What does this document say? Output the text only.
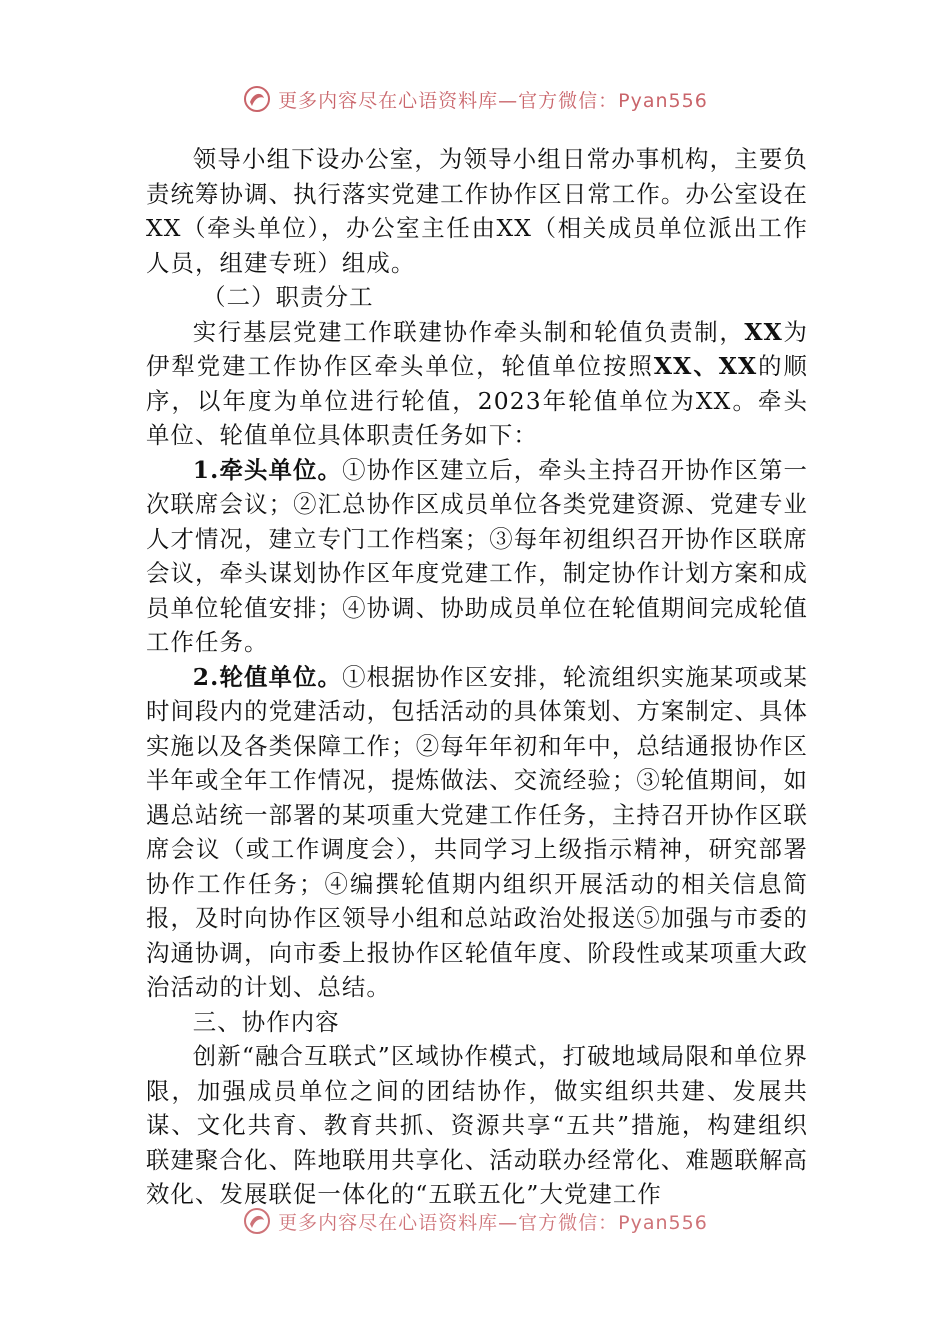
更多内容尽在心语资料库—官方微信：Pyan556

领导小组下设办公室，为领导小组日常办事机构，主要负责统筹协调、执行落实党建工作协作区日常工作。办公室设在XX（牵头单位），办公室主任由XX（相关成员单位派出工作人员，组建专班）组成。

（二）职责分工

实行基层党建工作联建协作牵头制和轮值负责制，XX为伊犁党建工作协作区牵头单位，轮值单位按照XX、XX的顺序，以年度为单位进行轮值，2023年轮值单位为XX。牵头单位、轮值单位具体职责任务如下：

1.牵头单位。①协作区建立后，牵头主持召开协作区第一次联席会议；②汇总协作区成员单位各类党建资源、党建专业人才情况，建立专门工作档案；③每年初组织召开协作区联席会议，牵头谋划协作区年度党建工作，制定协作计划方案和成员单位轮值安排；④协调、协助成员单位在轮值期间完成轮值工作任务。

2.轮值单位。①根据协作区安排，轮流组织实施某项或某时间段内的党建活动，包括活动的具体策划、方案制定、具体实施以及各类保障工作；②每年年初和年中，总结通报协作区半年或全年工作情况，提炼做法、交流经验；③轮值期间，如遇总站统一部署的某项重大党建工作任务，主持召开协作区联席会议（或工作调度会），共同学习上级指示精神，研究部署协作工作任务；④编撰轮值期内组织开展活动的相关信息简报，及时向协作区领导小组和总站政治处报送⑤加强与市委的沟通协调，向市委上报协作区轮值年度、阶段性或某项重大政治活动的计划、总结。

三、协作内容

创新“融合互联式”区域协作模式，打破地域局限和单位界限，加强成员单位之间的团结协作，做实组织共建、发展共谋、文化共育、教育共抓、资源共享“五共”措施，构建组织联建聚合化、阵地联用共享化、活动联办经常化、难题联解高效化、发展联促一体化的“五联五化”大党建工作

更多内容尽在心语资料库—官方微信：Pyan556
